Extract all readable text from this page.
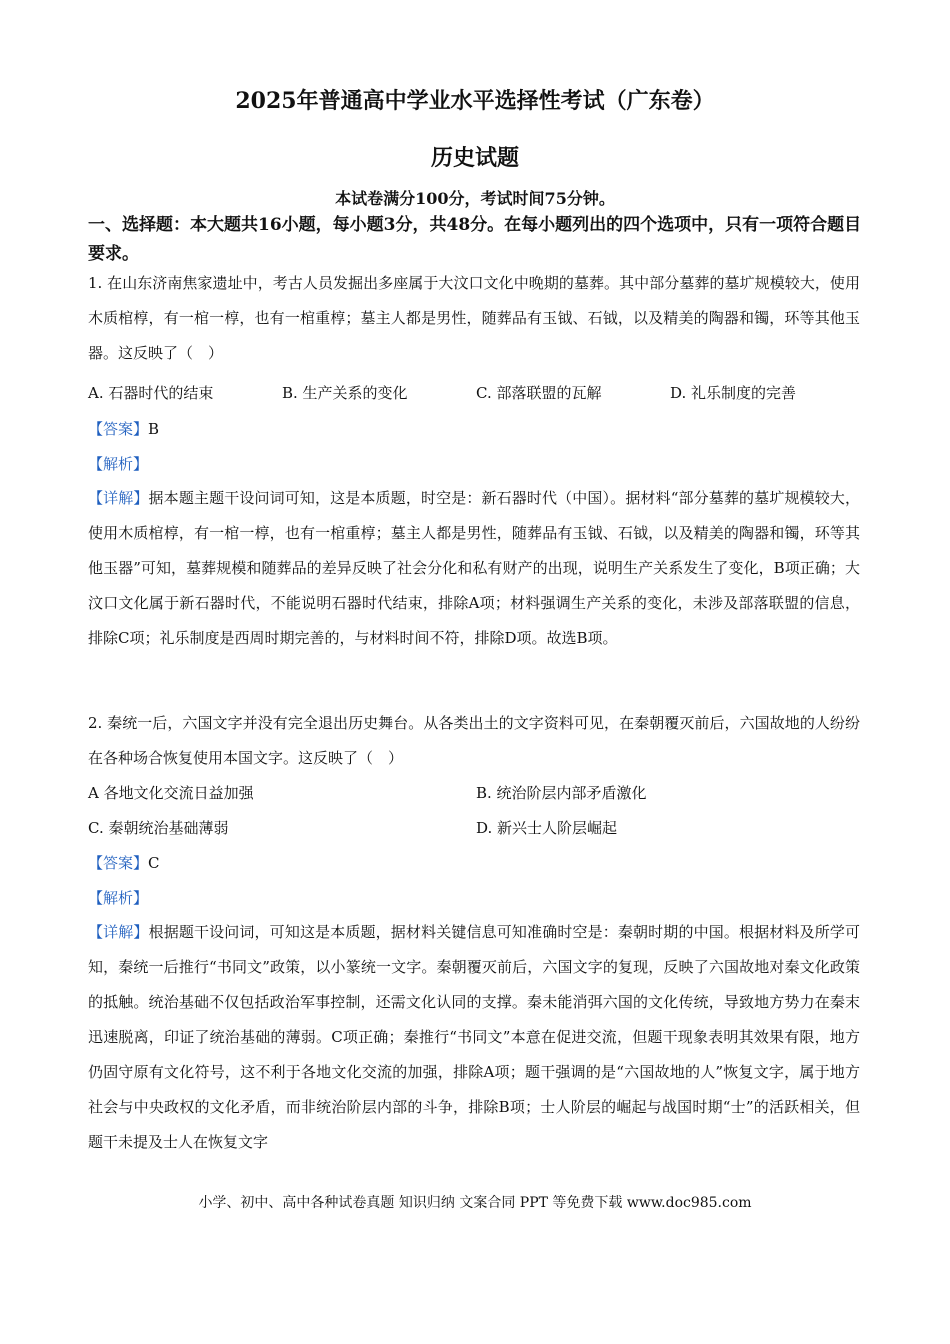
2025年普通高中学业水平选择性考试（广东卷）
历史试题
本试卷满分100分，考试时间75分钟。
一、选择题：本大题共16小题，每小题3分，共48分。在每小题列出的四个选项中，只有一项符合题目要求。
1. 在山东济南焦家遗址中，考古人员发掘出多座属于大汶口文化中晚期的墓葬。其中部分墓葬的墓圹规模较大，使用木质棺椁，有一棺一椁，也有一棺重椁；墓主人都是男性，随葬品有玉钺、石钺，以及精美的陶器和镯，环等其他玉器。这反映了（　）
A. 石器时代的结束	B. 生产关系的变化	C. 部落联盟的瓦解	D. 礼乐制度的完善
【答案】B
【解析】
【详解】据本题主题干设问词可知，这是本质题，时空是：新石器时代（中国）。据材料“部分墓葬的墓圹规模较大，使用木质棺椁，有一棺一椁，也有一棺重椁；墓主人都是男性，随葬品有玉钺、石钺，以及精美的陶器和镯，环等其他玉器”可知，墓葬规模和随葬品的差异反映了社会分化和私有财产的出现，说明生产关系发生了变化，B项正确；大汶口文化属于新石器时代，不能说明石器时代结束，排除A项；材料强调生产关系的变化，未涉及部落联盟的信息，排除C项；礼乐制度是西周时期完善的，与材料时间不符，排除D项。故选B项。
2. 秦统一后，六国文字并没有完全退出历史舞台。从各类出土的文字资料可见，在秦朝覆灭前后，六国故地的人纷纷在各种场合恢复使用本国文字。这反映了（　）
A 各地文化交流日益加强	B. 统治阶层内部矛盾激化
C. 秦朝统治基础薄弱	D. 新兴士人阶层崛起
【答案】C
【解析】
【详解】根据题干设问词，可知这是本质题，据材料关键信息可知准确时空是：秦朝时期的中国。根据材料及所学可知，秦统一后推行“书同文”政策，以小篆统一文字。秦朝覆灭前后，六国文字的复现，反映了六国故地对秦文化政策的抵触。统治基础不仅包括政治军事控制，还需文化认同的支撑。秦未能消弭六国的文化传统，导致地方势力在秦末迅速脱离，印证了统治基础的薄弱。C项正确；秦推行“书同文”本意在促进交流，但题干现象表明其效果有限，地方仍固守原有文化符号，这不利于各地文化交流的加强，排除A项；题干强调的是“六国故地的人”恢复文字，属于地方社会与中央政权的文化矛盾，而非统治阶层内部的斗争，排除B项；士人阶层的崛起与战国时期“士”的活跃相关，但题干未提及士人在恢复文字
小学、初中、高中各种试卷真题 知识归纳 文案合同 PPT 等免费下载 www.doc985.com
